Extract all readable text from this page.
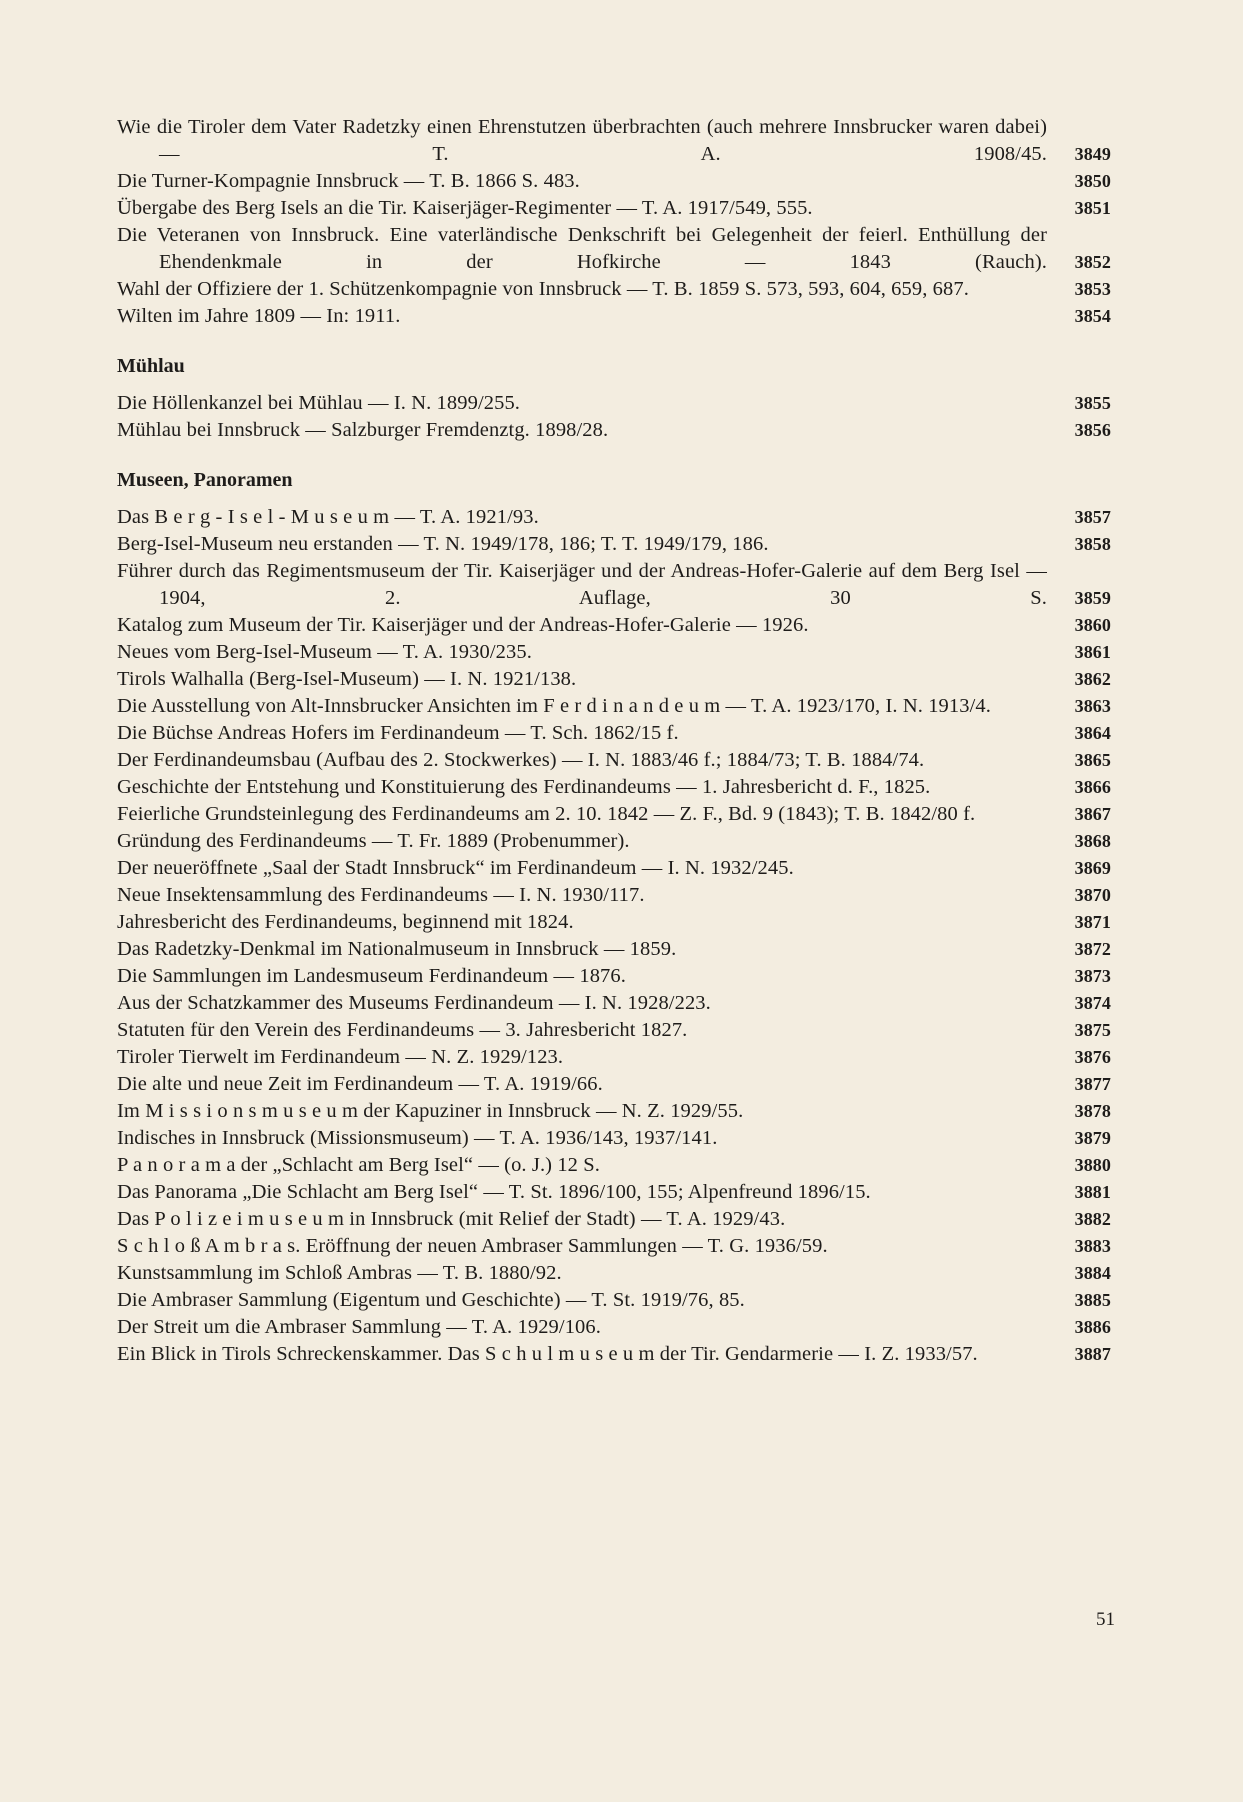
Wie die Tiroler dem Vater Radetzky einen Ehrenstutzen überbrachten (auch mehrere Innsbrucker waren dabei) — T. A. 1908/45.	3849
Die Turner-Kompagnie Innsbruck — T. B. 1866 S. 483.	3850
Übergabe des Berg Isels an die Tir. Kaiserjäger-Regimenter — T. A. 1917/549, 555.	3851
Die Veteranen von Innsbruck. Eine vaterländische Denkschrift bei Gelegenheit der feierl. Enthüllung der Ehendenkmale in der Hofkirche — 1843 (Rauch).	3852
Wahl der Offiziere der 1. Schützenkompagnie von Innsbruck — T. B. 1859 S. 573, 593, 604, 659, 687.	3853
Wilten im Jahre 1809 — In: 1911.	3854
Mühlau
Die Höllenkanzel bei Mühlau — I. N. 1899/255.	3855
Mühlau bei Innsbruck — Salzburger Fremdenztg. 1898/28.	3856
Museen, Panoramen
Das B e r g - I s e l - M u s e u m — T. A. 1921/93.	3857
Berg-Isel-Museum neu erstanden — T. N. 1949/178, 186; T. T. 1949/179, 186.	3858
Führer durch das Regimentsmuseum der Tir. Kaiserjäger und der Andreas-Hofer-Galerie auf dem Berg Isel — 1904, 2. Auflage, 30 S.	3859
Katalog zum Museum der Tir. Kaiserjäger und der Andreas-Hofer-Galerie — 1926.	3860
Neues vom Berg-Isel-Museum — T. A. 1930/235.	3861
Tirols Walhalla (Berg-Isel-Museum) — I. N. 1921/138.	3862
Die Ausstellung von Alt-Innsbrucker Ansichten im F e r d i n a n d e u m — T. A. 1923/170, I. N. 1913/4.	3863
Die Büchse Andreas Hofers im Ferdinandeum — T. Sch. 1862/15 f.	3864
Der Ferdinandeumsbau (Aufbau des 2. Stockwerkes) — I. N. 1883/46 f.; 1884/73; T. B. 1884/74.	3865
Geschichte der Entstehung und Konstituierung des Ferdinandeums — 1. Jahresbericht d. F., 1825.	3866
Feierliche Grundsteinlegung des Ferdinandeums am 2. 10. 1842 — Z. F., Bd. 9 (1843); T. B. 1842/80 f.	3867
Gründung des Ferdinandeums — T. Fr. 1889 (Probenummer).	3868
Der neueröffnete „Saal der Stadt Innsbruck“ im Ferdinandeum — I. N. 1932/245.	3869
Neue Insektensammlung des Ferdinandeums — I. N. 1930/117.	3870
Jahresbericht des Ferdinandeums, beginnend mit 1824.	3871
Das Radetzky-Denkmal im Nationalmuseum in Innsbruck — 1859.	3872
Die Sammlungen im Landesmuseum Ferdinandeum — 1876.	3873
Aus der Schatzkammer des Museums Ferdinandeum — I. N. 1928/223.	3874
Statuten für den Verein des Ferdinandeums — 3. Jahresbericht 1827.	3875
Tiroler Tierwelt im Ferdinandeum — N. Z. 1929/123.	3876
Die alte und neue Zeit im Ferdinandeum — T. A. 1919/66.	3877
Im M i s s i o n s m u s e u m der Kapuziner in Innsbruck — N. Z. 1929/55.	3878
Indisches in Innsbruck (Missionsmuseum) — T. A. 1936/143, 1937/141.	3879
P a n o r a m a der „Schlacht am Berg Isel“ — (o. J.) 12 S.	3880
Das Panorama „Die Schlacht am Berg Isel“ — T. St. 1896/100, 155; Alpenfreund 1896/15.	3881
Das P o l i z e i m u s e u m in Innsbruck (mit Relief der Stadt) — T. A. 1929/43.	3882
S c h l o ß A m b r a s. Eröffnung der neuen Ambraser Sammlungen — T. G. 1936/59.	3883
Kunstsammlung im Schloß Ambras — T. B. 1880/92.	3884
Die Ambraser Sammlung (Eigentum und Geschichte) — T. St. 1919/76, 85.	3885
Der Streit um die Ambraser Sammlung — T. A. 1929/106.	3886
Ein Blick in Tirols Schreckenskammer. Das S c h u l m u s e u m der Tir. Gendarmerie — I. Z. 1933/57.	3887
51
